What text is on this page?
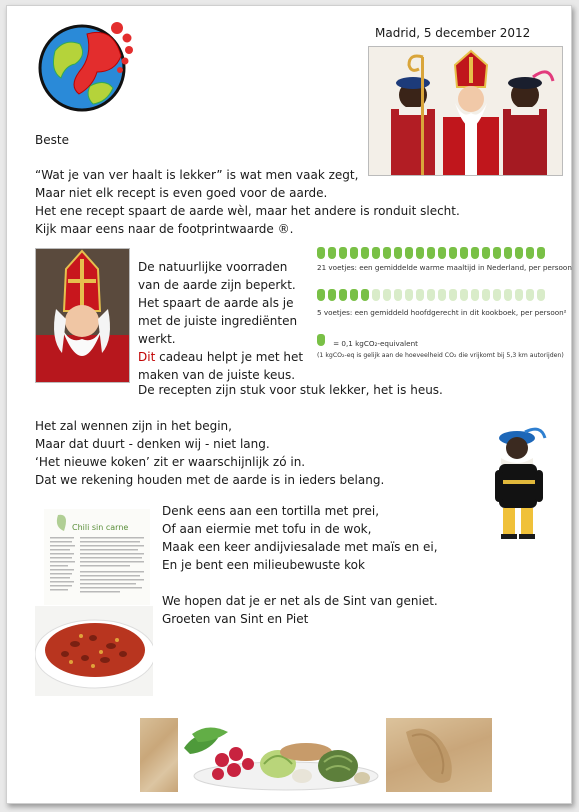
Madrid, 5 december 2012
Beste
“Wat je van ver haalt is lekker” is wat men vaak zegt,
Maar niet elk recept is even goed voor de aarde.
Het ene recept spaart de aarde wèl, maar het andere is ronduit slecht.
Kijk maar eens naar de footprintwaarde ®.
De natuurlijke voorraden
van de aarde zijn beperkt.
Het spaart de aarde als je
met de juiste ingrediënten
werkt.
Dit cadeau helpt je met het
maken van de juiste keus.
De recepten zijn stuk voor stuk lekker, het is heus.
21 voetjes: een gemiddelde warme maaltijd in Nederland, per persoon
5 voetjes: een gemiddeld hoofdgerecht in dit kookboek, per persoon²
= 0,1 kgCO₂-equivalent
(1 kgCO₂-eq is gelijk aan de hoeveelheid CO₂ die vrijkomt bij 5,3 km autorijden)
Het zal wennen zijn in het begin,
Maar dat duurt - denken wij - niet lang.
‘Het nieuwe koken’ zit er waarschijnlijk zó in.
Dat we rekening houden met de aarde is in ieders belang.
Chili sin carne
Denk eens aan een tortilla met prei,
Of aan eiermie met tofu in de wok,
Maak een keer andijviesalade met maïs en ei,
En je bent een milieubewuste kok
We hopen dat je er net als de Sint van geniet.
Groeten van Sint en Piet
